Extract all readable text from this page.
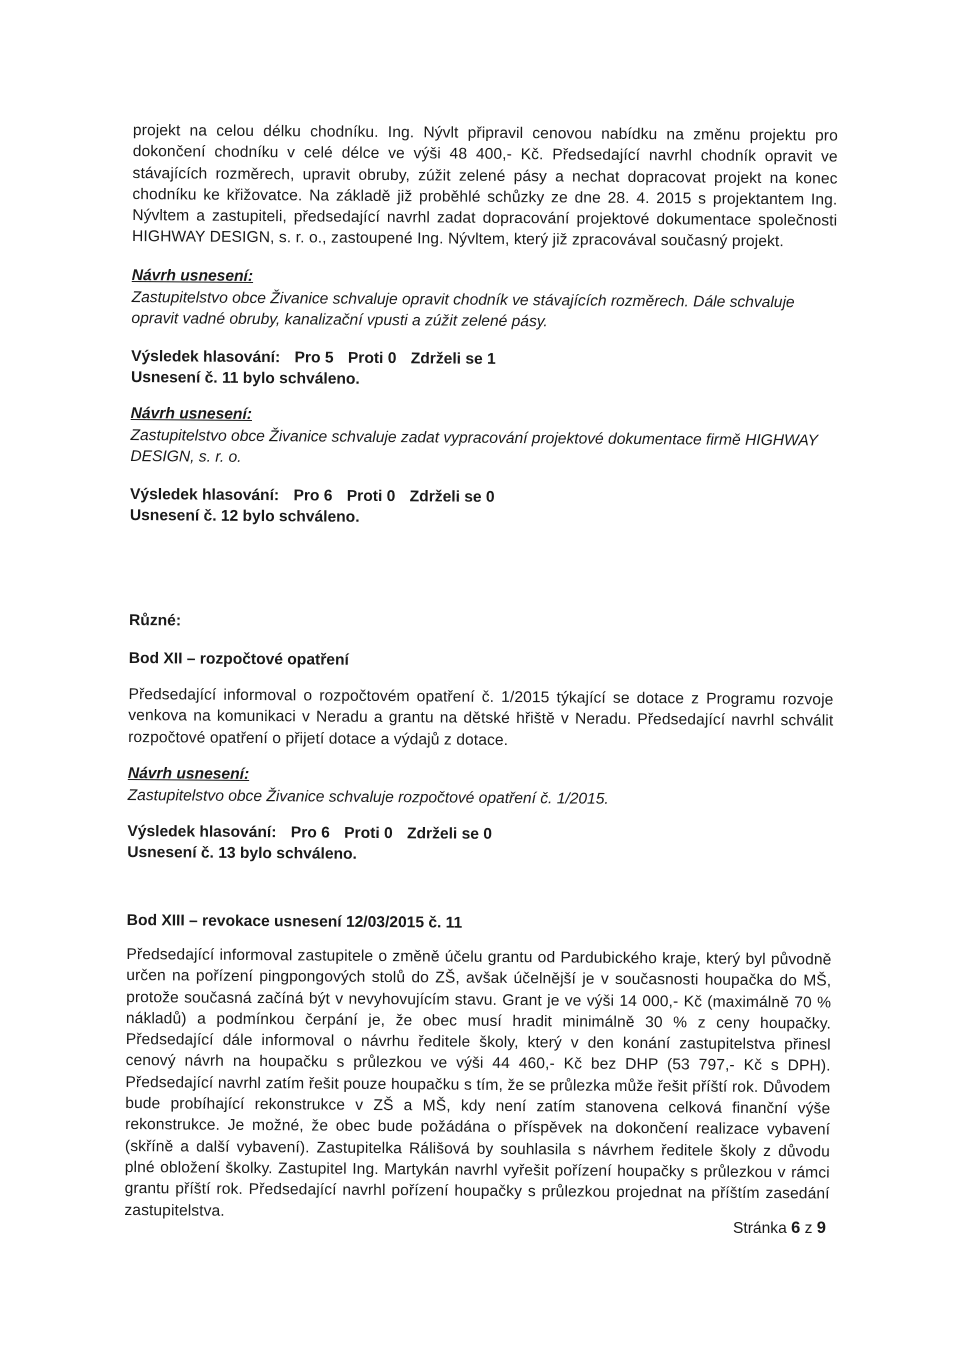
projekt na celou délku chodníku. Ing. Nývlt připravil cenovou nabídku na změnu projektu pro dokončení chodníku v celé délce ve výši 48 400,- Kč. Předsedající navrhl chodník opravit ve stávajících rozměrech, upravit obruby, zúžit zelené pásy a nechat dopracovat projekt na konec chodníku ke křižovatce. Na základě již proběhlé schůzky ze dne 28. 4. 2015 s projektantem Ing. Nývltem a zastupiteli, předsedající navrhl zadat dopracování projektové dokumentace společnosti HIGHWAY DESIGN, s. r. o., zastoupené Ing. Nývltem, který již zpracovával současný projekt.

Návrh usnesení:

Zastupitelstvo obce Živanice schvaluje opravit chodník ve stávajících rozměrech. Dále schvaluje opravit vadné obruby, kanalizační vpusti a zúžit zelené pásy.

Výsledek hlasování: Pro 5 Proti 0 Zdrželi se 1

Usnesení č. 11 bylo schváleno.

Návrh usnesení:

Zastupitelstvo obce Živanice schvaluje zadat vypracování projektové dokumentace firmě HIGHWAY DESIGN, s. r. o.

Výsledek hlasování: Pro 6 Proti 0 Zdrželi se 0

Usnesení č. 12 bylo schváleno.

Různé:

Bod XII – rozpočtové opatření

Předsedající informoval o rozpočtovém opatření č. 1/2015 týkající se dotace z Programu rozvoje venkova na komunikaci v Neradu a grantu na dětské hřiště v Neradu. Předsedající navrhl schválit rozpočtové opatření o přijetí dotace a výdajů z dotace.

Návrh usnesení:

Zastupitelstvo obce Živanice schvaluje rozpočtové opatření č. 1/2015.

Výsledek hlasování: Pro 6 Proti 0 Zdrželi se 0

Usnesení č. 13 bylo schváleno.

Bod XIII – revokace usnesení 12/03/2015 č. 11

Předsedající informoval zastupitele o změně účelu grantu od Pardubického kraje, který byl původně určen na pořízení pingpongových stolů do ZŠ, avšak účelnější je v současnosti houpačka do MŠ, protože současná začíná být v nevyhovujícím stavu. Grant je ve výši 14 000,- Kč (maximálně 70 % nákladů) a podmínkou čerpání je, že obec musí hradit minimálně 30 % z ceny houpačky. Předsedající dále informoval o návrhu ředitele školy, který v den konání zastupitelstva přinesl cenový návrh na houpačku s průlezkou ve výši 44 460,- Kč bez DHP (53 797,- Kč s DPH). Předsedající navrhl zatím řešit pouze houpačku s tím, že se průlezka může řešit příští rok. Důvodem bude probíhající rekonstrukce v ZŠ a MŠ, kdy není zatím stanovena celková finanční výše rekonstrukce. Je možné, že obec bude požádána o příspěvek na dokončení realizace vybavení (skříně a další vybavení). Zastupitelka Rálišová by souhlasila s návrhem ředitele školy z důvodu plné obložení školky. Zastupitel Ing. Martykán navrhl vyřešit pořízení houpačky s průlezkou v rámci grantu příští rok. Předsedající navrhl pořízení houpačky s průlezkou projednat na příštím zasedání zastupitelstva.

Stránka 6 z 9
